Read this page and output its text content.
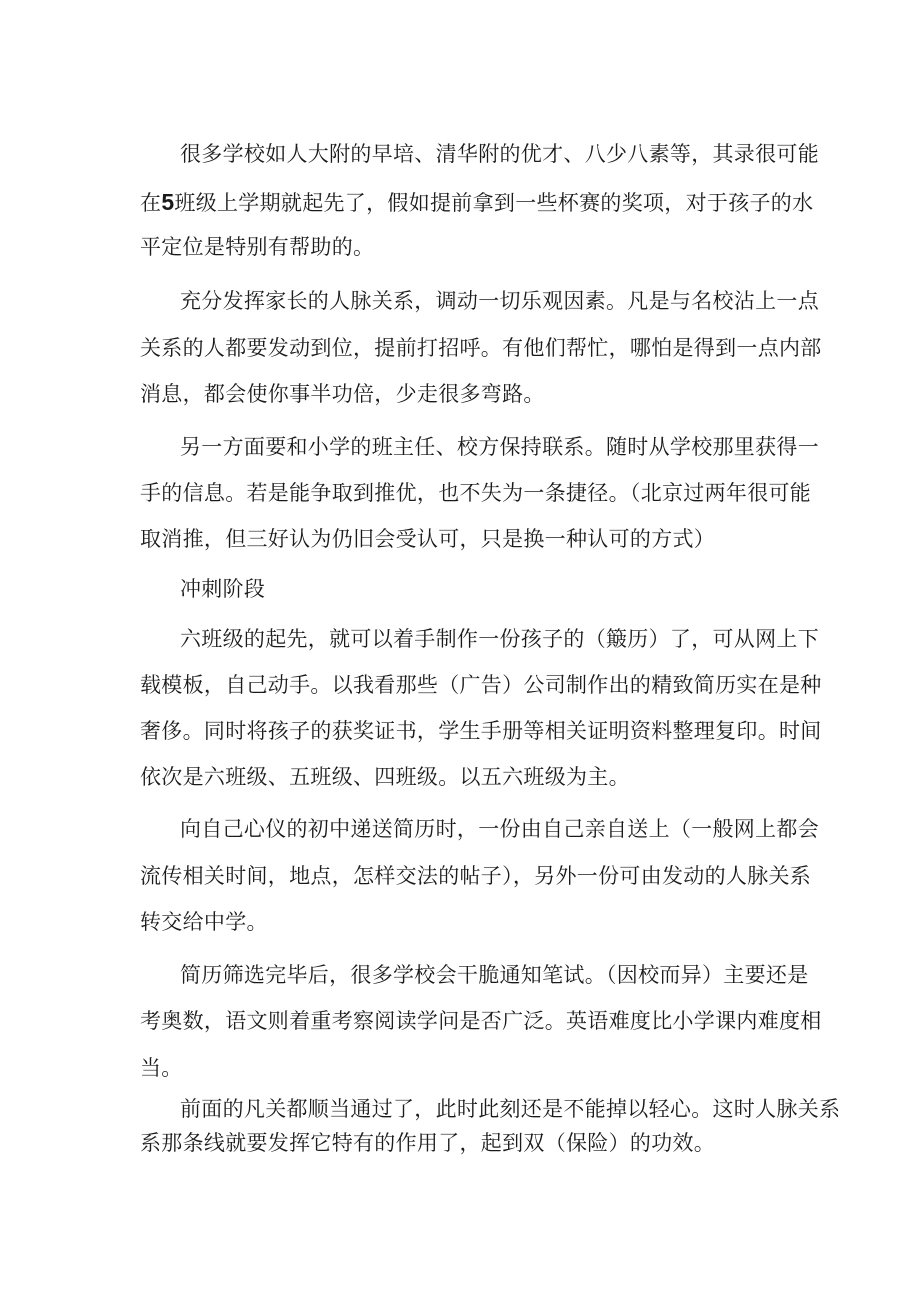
很多学校如人大附的早培、清华附的优才、八少八素等，其录很可能
在5班级上学期就起先了，假如提前拿到一些杯赛的奖项，对于孩子的水
平定位是特别有帮助的。
充分发挥家长的人脉关系，调动一切乐观因素。凡是与名校沾上一点
关系的人都要发动到位，提前打招呼。有他们帮忙，哪怕是得到一点内部
消息，都会使你事半功倍，少走很多弯路。
另一方面要和小学的班主任、校方保持联系。随时从学校那里获得一
手的信息。若是能争取到推优，也不失为一条捷径。（北京过两年很可能
取消推，但三好认为仍旧会受认可，只是换一种认可的方式）
冲刺阶段
六班级的起先，就可以着手制作一份孩子的（簸历）了，可从网上下
载模板，自己动手。以我看那些（广告）公司制作出的精致简历实在是种
奢侈。同时将孩子的获奖证书，学生手册等相关证明资料整理复印。时间
依次是六班级、五班级、四班级。以五六班级为主。
向自己心仪的初中递送简历时，一份由自己亲自送上（一般网上都会
流传相关时间，地点，怎样交法的帖子），另外一份可由发动的人脉关系
转交给中学。
简历筛选完毕后，很多学校会干脆通知笔试。（因校而异）主要还是
考奥数，语文则着重考察阅读学问是否广泛。英语难度比小学课内难度相
当。
前面的凡关都顺当通过了，此时此刻还是不能掉以轻心。这时人脉关系
系那条线就要发挥它特有的作用了，起到双（保险）的功效。
